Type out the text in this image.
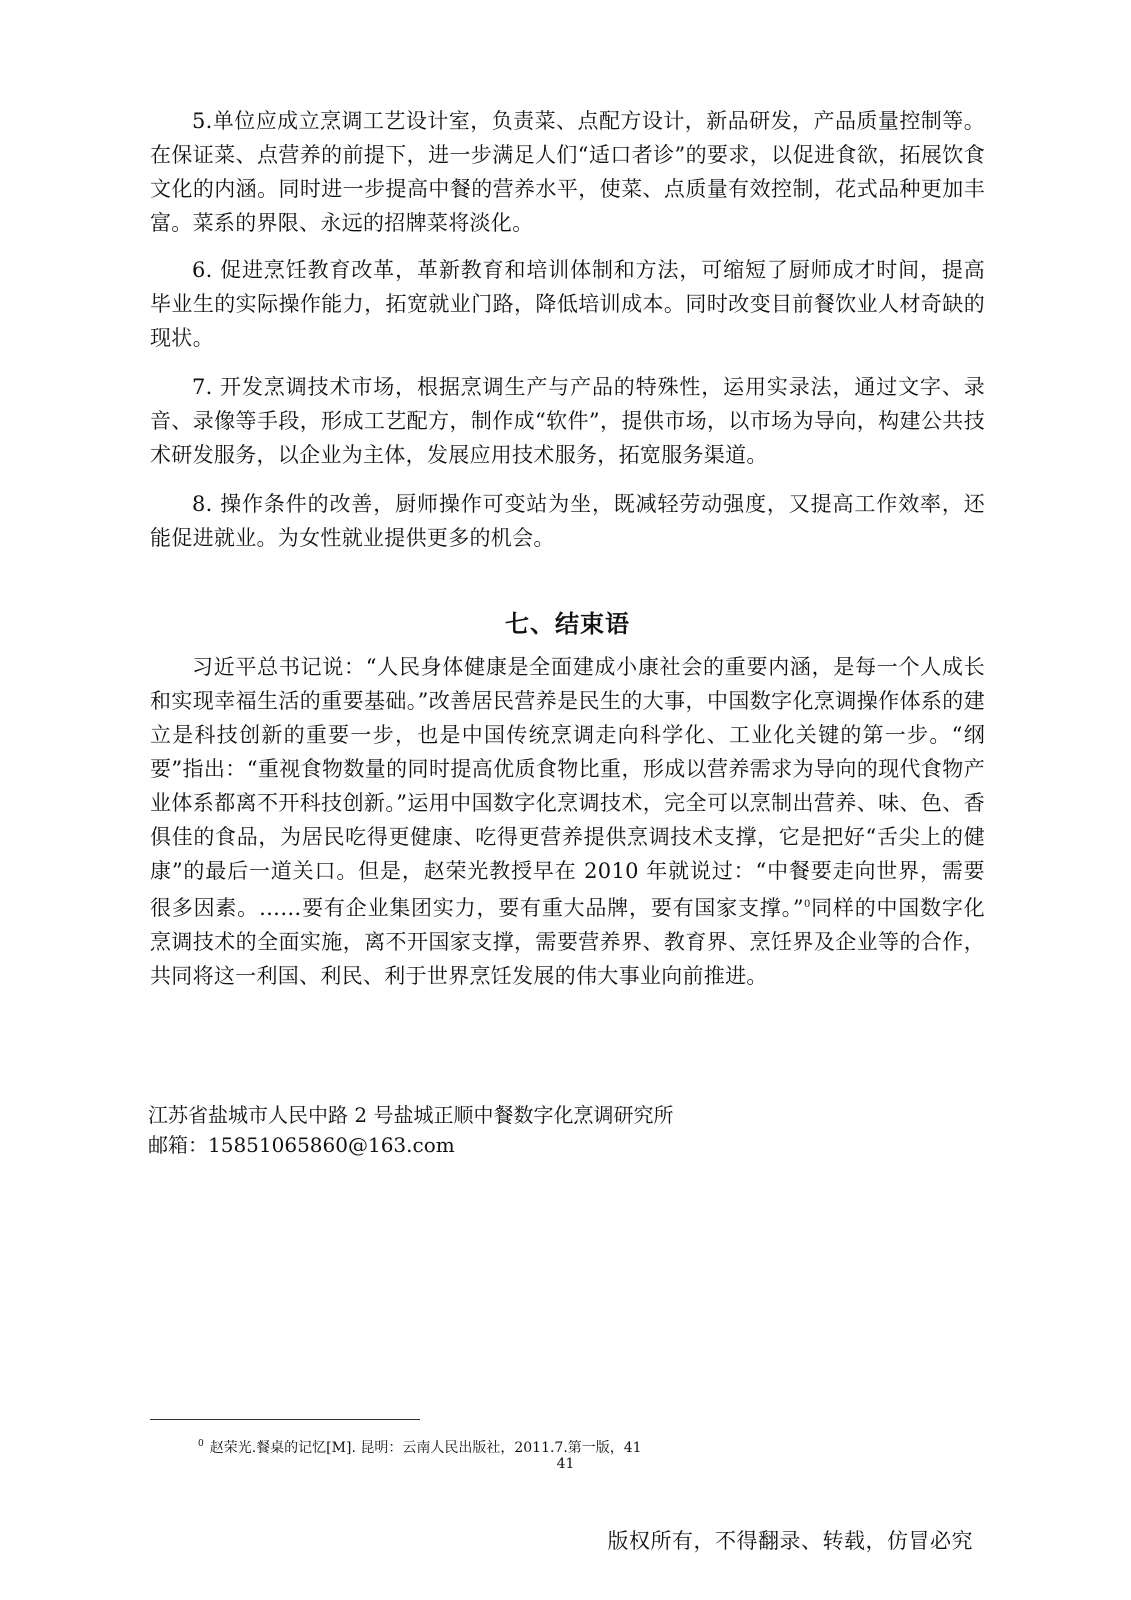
5.单位应成立烹调工艺设计室，负责菜、点配方设计，新品研发，产品质量控制等。在保证菜、点营养的前提下，进一步满足人们“适口者诊”的要求，以促进食欲，拓展饮食文化的内涵。同时进一步提高中餐的营养水平，使菜、点质量有效控制，花式品种更加丰富。菜系的界限、永远的招牌菜将淡化。

6. 促进烹饪教育改革，革新教育和培训体制和方法，可缩短了厨师成才时间，提高毕业生的实际操作能力，拓宽就业门路，降低培训成本。同时改变目前餐饮业人材奇缺的现状。

7. 开发烹调技术市场，根据烹调生产与产品的特殊性，运用实录法，通过文字、录音、录像等手段，形成工艺配方，制作成“软件”，提供市场，以市场为导向，构建公共技术研发服务，以企业为主体，发展应用技术服务，拓宽服务渠道。

8. 操作条件的改善，厨师操作可变站为坐，既减轻劳动强度，又提高工作效率，还能促进就业。为女性就业提供更多的机会。

七、结束语

习近平总书记说：“人民身体健康是全面建成小康社会的重要内涵，是每一个人成长和实现幸福生活的重要基础。”改善居民营养是民生的大事，中国数字化烹调操作体系的建立是科技创新的重要一步，也是中国传统烹调走向科学化、工业化关键的第一步。“纲要”指出：“重视食物数量的同时提高优质食物比重，形成以营养需求为导向的现代食物产业体系都离不开科技创新。”运用中国数字化烹调技术，完全可以烹制出营养、味、色、香俱佳的食品，为居民吃得更健康、吃得更营养提供烹调技术支撑，它是把好“舌尖上的健康”的最后一道关口。但是，赵荣光教授早在 2010 年就说过：“中餐要走向世界，需要很多因素。……要有企业集团实力，要有重大品牌，要有国家支撑。”$^0$同样的中国数字化烹调技术的全面实施，离不开国家支撑，需要营养界、教育界、烹饪界及企业等的合作，共同将这一利国、利民、利于世界烹饪发展的伟大事业向前推进。

江苏省盐城市人民中路 2 号盐城正顺中餐数字化烹调研究所

邮箱：15851065860@163.com

$^0$ 赵荣光.餐桌的记忆[M]. 昆明：云南人民出版社，2011.7.第一版，41

41

版权所有，不得翻录、转载，仿冒必究
